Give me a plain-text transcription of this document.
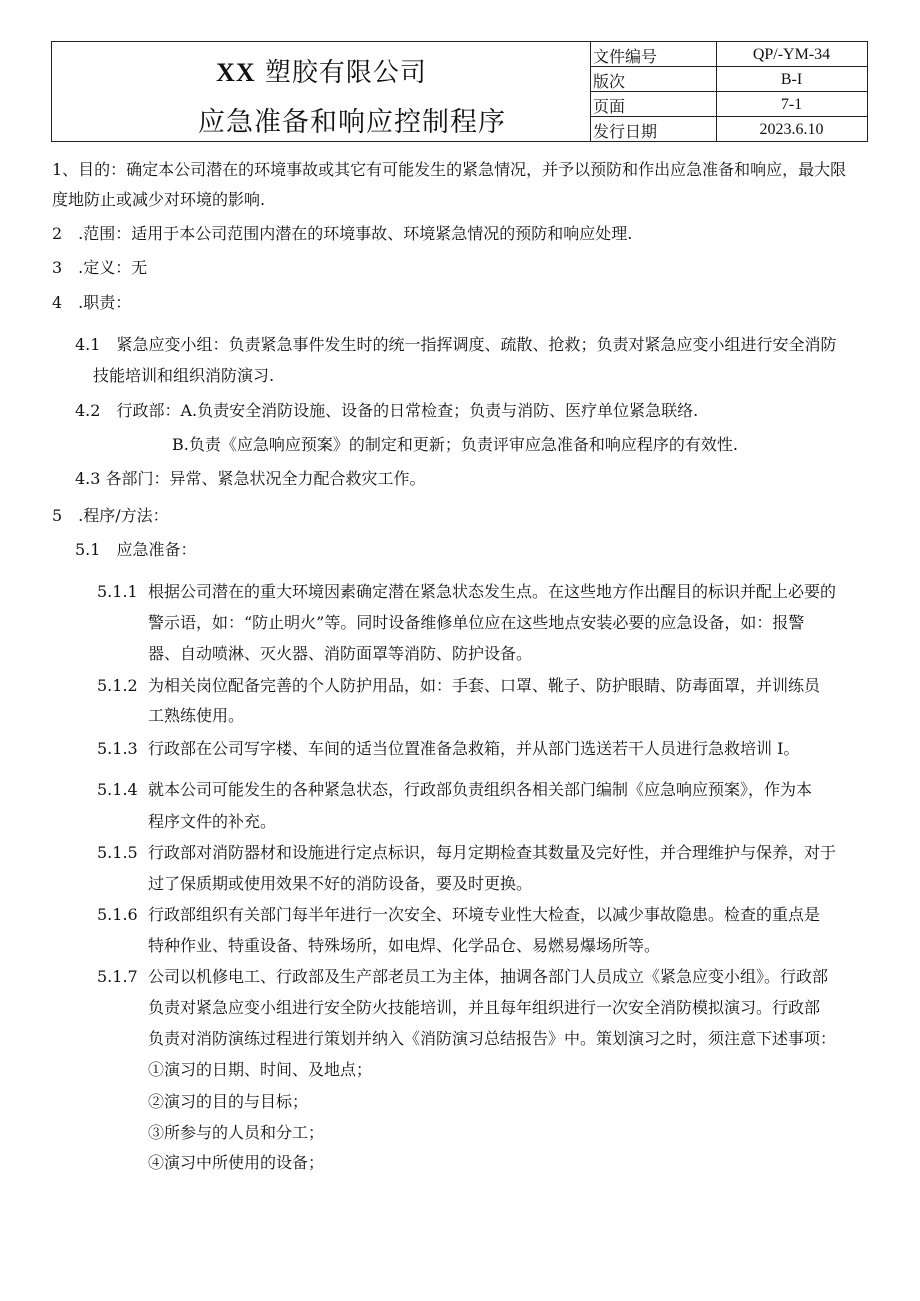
XX 塑胶有限公司
应急准备和响应控制程序
文件编号	QP/-YM-34
版次	B-I
页面	7-1
发行日期	2023.6.10
1、目的：确定本公司潜在的环境事故或其它有可能发生的紧急情况，并予以预防和作出应急准备和响应，最大限
度地防止或减少对环境的影响.
2　.范围：适用于本公司范围内潜在的环境事故、环境紧急情况的预防和响应处理.
3　.定义：无
4　.职责：
4.1　紧急应变小组：负责紧急事件发生时的统一指挥调度、疏散、抢救；负责对紧急应变小组进行安全消防
技能培训和组织消防演习.
4.2　行政部：A.负责安全消防设施、设备的日常检查；负责与消防、医疗单位紧急联络.
B.负责《应急响应预案》的制定和更新；负责评审应急准备和响应程序的有效性.
4.3 各部门：异常、紧急状况全力配合救灾工作。
5　.程序/方法：
5.1　应急准备：
5.1.1 根据公司潜在的重大环境因素确定潜在紧急状态发生点。在这些地方作出醒目的标识并配上必要的
警示语，如：“防止明火”等。同时设备维修单位应在这些地点安装必要的应急设备，如：报警
器、自动喷淋、灭火器、消防面罩等消防、防护设备。
5.1.2 为相关岗位配备完善的个人防护用品，如：手套、口罩、靴子、防护眼睛、防毒面罩，并训练员
工熟练使用。
5.1.3 行政部在公司写字楼、车间的适当位置准备急救箱，并从部门选送若干人员进行急救培训 I。
5.1.4 就本公司可能发生的各种紧急状态，行政部负责组织各相关部门编制《应急响应预案》，作为本
程序文件的补充。
5.1.5 行政部对消防器材和设施进行定点标识，每月定期检查其数量及完好性，并合理维护与保养，对于
过了保质期或使用效果不好的消防设备，要及时更换。
5.1.6 行政部组织有关部门每半年进行一次安全、环境专业性大检查，以减少事故隐患。检查的重点是
特种作业、特重设备、特殊场所，如电焊、化学品仓、易燃易爆场所等。
5.1.7 公司以机修电工、行政部及生产部老员工为主体，抽调各部门人员成立《紧急应变小组》。行政部
负责对紧急应变小组进行安全防火技能培训，并且每年组织进行一次安全消防模拟演习。行政部
负责对消防演练过程进行策划并纳入《消防演习总结报告》中。策划演习之时，须注意下述事项：
①演习的日期、时间、及地点；
②演习的目的与目标；
③所参与的人员和分工；
④演习中所使用的设备；
